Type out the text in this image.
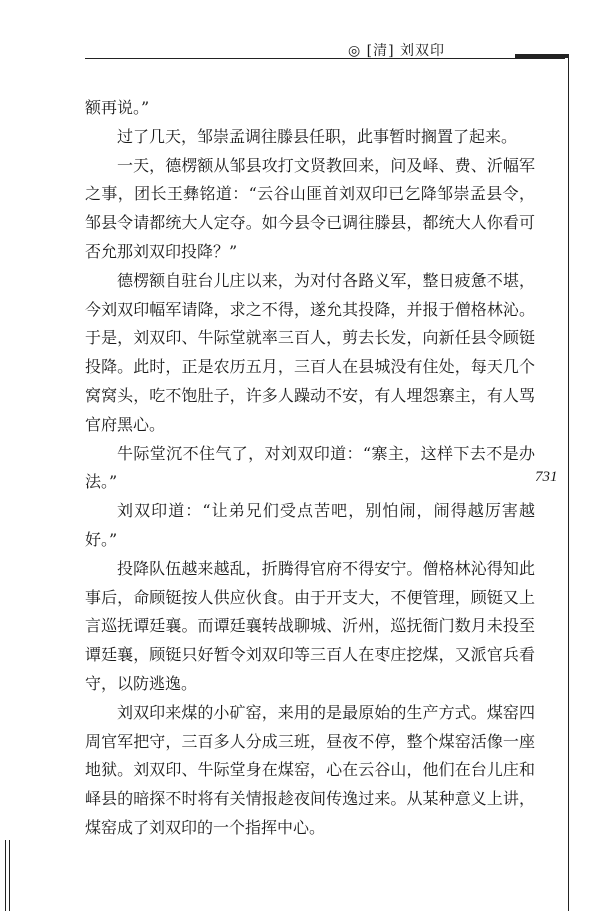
◎ [清] 刘双印
731

额再说。”

过了几天，邹崇孟调往滕县任职，此事暂时搁置了起来。

一天，德楞额从邹县攻打文贤教回来，问及峄、费、沂幅军之事，团长王彝铭道：“云谷山匪首刘双印已乞降邹崇孟县令，邹县令请都统大人定夺。如今县令已调往滕县，都统大人你看可否允那刘双印投降？”

德楞额自驻台儿庄以来，为对付各路义军，整日疲惫不堪，今刘双印幅军请降，求之不得，遂允其投降，并报于僧格林沁。于是，刘双印、牛际堂就率三百人，剪去长发，向新任县令顾铤投降。此时，正是农历五月，三百人在县城没有住处，每天几个窝窝头，吃不饱肚子，许多人躁动不安，有人埋怨寨主，有人骂官府黑心。

牛际堂沉不住气了，对刘双印道：“寨主，这样下去不是办法。”

刘双印道：“让弟兄们受点苦吧，别怕闹，闹得越厉害越好。”

投降队伍越来越乱，折腾得官府不得安宁。僧格林沁得知此事后，命顾铤按人供应伙食。由于开支大，不便管理，顾铤又上言巡抚谭廷襄。而谭廷襄转战聊城、沂州，巡抚衙门数月未投至谭廷襄，顾铤只好暂令刘双印等三百人在枣庄挖煤，又派官兵看守，以防逃逸。

刘双印来煤的小矿窑，来用的是最原始的生产方式。煤窑四周官军把守，三百多人分成三班，昼夜不停，整个煤窑活像一座地狱。刘双印、牛际堂身在煤窑，心在云谷山，他们在台儿庄和峄县的暗探不时将有关情报趁夜间传逸过来。从某种意义上讲，煤窑成了刘双印的一个指挥中心。
